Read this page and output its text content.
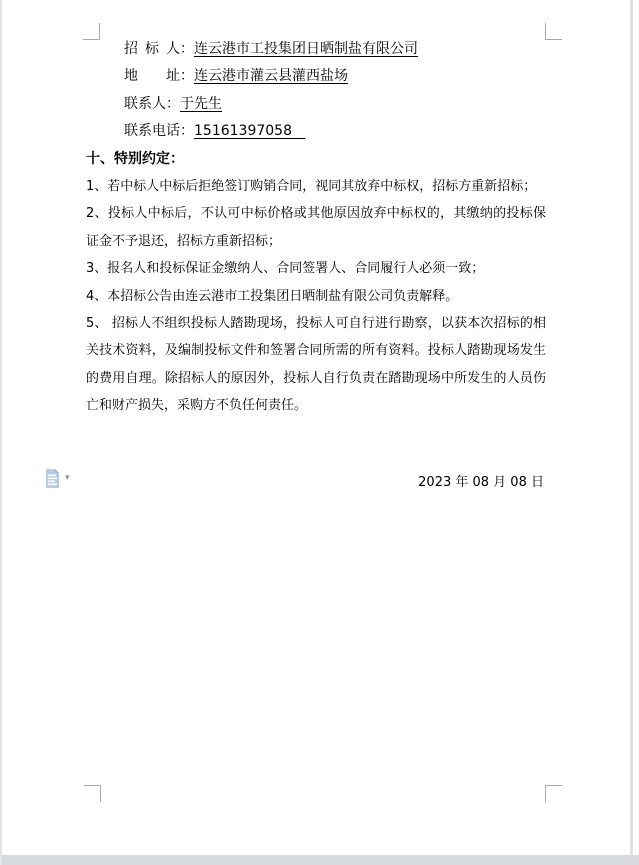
招 标 人：连云港市工投集团日晒制盐有限公司

地    址：连云港市灌云县灌西盐场

联系人：于先生

联系电话：15161397058

十、特别约定：

1、若中标人中标后拒绝签订购销合同，视同其放弃中标权，招标方重新招标；

2、投标人中标后，不认可中标价格或其他原因放弃中标权的，其缴纳的投标保证金不予退还，招标方重新招标；

3、报名人和投标保证金缴纳人、合同签署人、合同履行人必须一致；

4、本招标公告由连云港市工投集团日晒制盐有限公司负责解释。

5、 招标人不组织投标人踏勘现场，投标人可自行进行勘察，以获本次招标的相关技术资料，及编制投标文件和签署合同所需的所有资料。投标人踏勘现场发生的费用自理。除招标人的原因外，投标人自行负责在踏勘现场中所发生的人员伤亡和财产损失，采购方不负任何责任。

▾	2023 年 08 月 08 日
